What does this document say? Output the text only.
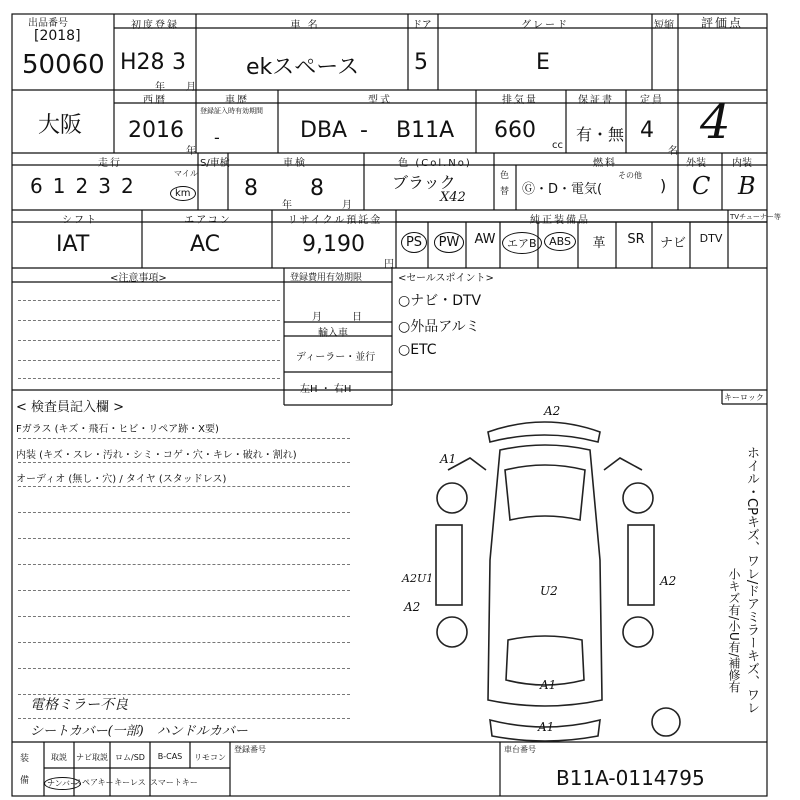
出品番号
[2018]
50060
初度登録
H28 3
年 月
車 名
ekスペース
ドア
5
グレード
E
短縮	評価点
4
大阪
西暦
2016
年
車歴
登録証入時有効期間
-
型式
DBA - B11A
排気量
660
cc
保証書
有・無
定員
4
名
走行
6 1 2 3 2
マイル
km
S/車検	車検
8
年
8
月
色 (Col.No)
ブラック
X42
色替
燃料
Ⓖ・D・電気(
その他
)
外装
C
内装
B
シフト
IAT
エアコン
AC
リサイクル預託金
9,190
円
純正装備品	TVチューナー等
PS	PW	AW	エアB	ABS	革	SR	ナビ	DTV
<注意事項>	登録費用有効期限
月　　　日
輸入車
ディーラー・並行
左H ・ 右H
<セールスポイント>
○ナビ・DTV
○外品アルミ
○ETC
< 検査員記入欄 >
Fガラス (キズ・飛石・ヒビ・リペア跡・X要)
内装 (キズ・スレ・汚れ・シミ・コゲ・穴・キレ・破れ・割れ)
オーディオ (無し・穴) / タイヤ (スタッドレス)
電格ミラー不良
シートカバー(一部)　ハンドルカバー
キーロック
ホイル・CPキズ、ワレ/ドアミラーキズ、ワレ
小キズ有/小U有/補修有
A2
A1
A2U1
A2
A2
U2
A1
A1
装備
取説	ナビ取説 ロム/SD	B-CAS	リモコン
ナンバー
スペアキー キーレス スマートキー
登録番号	車台番号
B11A-0114795
